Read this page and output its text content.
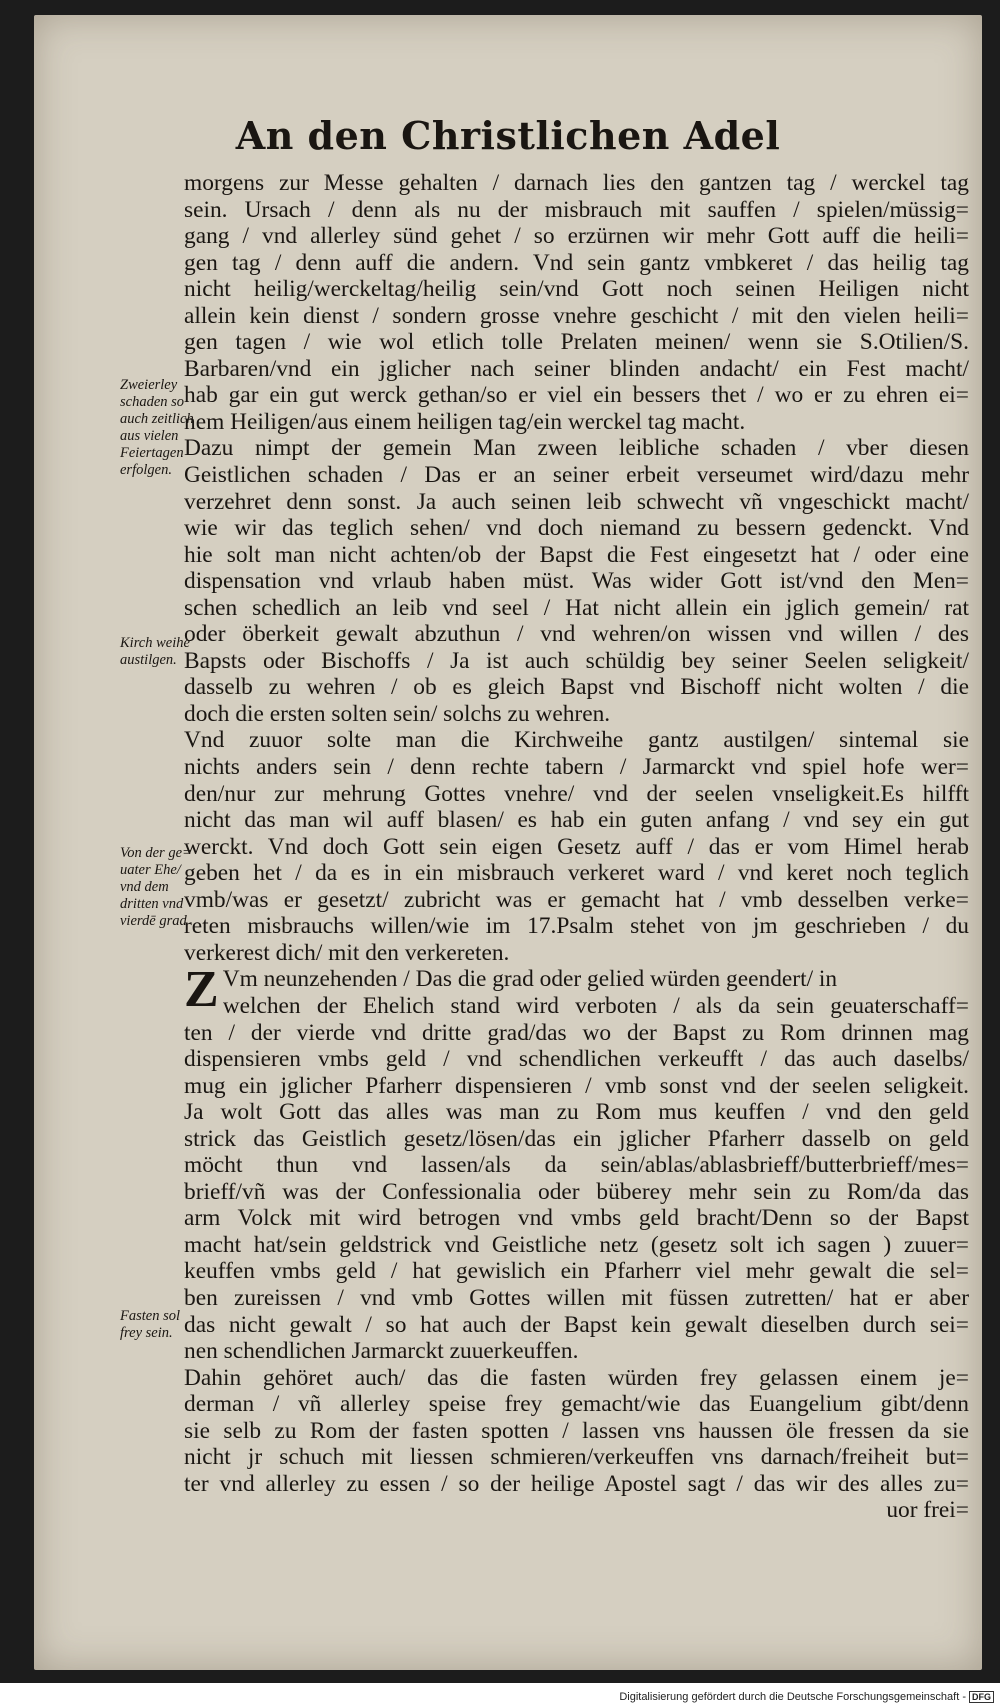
An den Christlichen Adel
Zweierley
schaden so
auch zeitlich
aus vielen
Feiertagen
erfolgen.
Kirch weihe
austilgen.
Von der ge=
uater Ehe/
vnd dem
dritten vnd
vierdē grad
Fasten sol
frey sein.
morgens zur Messe gehalten / darnach lies den gantzen tag / werckel tag
sein. Ursach / denn als nu der misbrauch mit sauffen / spielen/müssig=
gang / vnd allerley sünd gehet / so erzürnen wir mehr Gott auff die heili=
gen tag / denn auff die andern. Vnd sein gantz vmbkeret / das heilig tag
nicht heilig/werckeltag/heilig sein/vnd Gott noch seinen Heiligen nicht
allein kein dienst / sondern grosse vnehre geschicht / mit den vielen heili=
gen tagen / wie wol etlich tolle Prelaten meinen/ wenn sie S.Otilien/S.
Barbaren/vnd ein jglicher nach seiner blinden andacht/ ein Fest macht/
hab gar ein gut werck gethan/so er viel ein bessers thet / wo er zu ehren ei=
nem Heiligen/aus einem heiligen tag/ein werckel tag macht.
Dazu nimpt der gemein Man zween leibliche schaden / vber diesen
Geistlichen schaden / Das er an seiner erbeit verseumet wird/dazu mehr
verzehret denn sonst. Ja auch seinen leib schwecht vñ vngeschickt macht/
wie wir das teglich sehen/ vnd doch niemand zu bessern gedenckt. Vnd
hie solt man nicht achten/ob der Bapst die Fest eingesetzt hat / oder eine
dispensation vnd vrlaub haben müst. Was wider Gott ist/vnd den Men=
schen schedlich an leib vnd seel / Hat nicht allein ein jglich gemein/ rat
oder öberkeit gewalt abzuthun / vnd wehren/on wissen vnd willen / des
Bapsts oder Bischoffs / Ja ist auch schüldig bey seiner Seelen seligkeit/
dasselb zu wehren / ob es gleich Bapst vnd Bischoff nicht wolten / die
doch die ersten solten sein/ solchs zu wehren.
Vnd zuuor solte man die Kirchweihe gantz austilgen/ sintemal sie
nichts anders sein / denn rechte tabern / Jarmarckt vnd spiel hofe wer=
den/nur zur mehrung Gottes vnehre/ vnd der seelen vnseligkeit.Es hilfft
nicht das man wil auff blasen/ es hab ein guten anfang / vnd sey ein gut
werckt. Vnd doch Gott sein eigen Gesetz auff / das er vom Himel herab
geben het / da es in ein misbrauch verkeret ward / vnd keret noch teglich
vmb/was er gesetzt/ zubricht was er gemacht hat / vmb desselben verke=
reten misbrauchs willen/wie im 17.Psalm stehet von jm geschrieben / du
verkerest dich/ mit den verkereten.
Z Vm neunzehenden / Das die grad oder gelied würden geendert/ in
welchen der Ehelich stand wird verboten / als da sein geuaterschaff=
ten / der vierde vnd dritte grad/das wo der Bapst zu Rom drinnen mag
dispensieren vmbs geld / vnd schendlichen verkeufft / das auch daselbs/
mug ein jglicher Pfarherr dispensieren / vmb sonst vnd der seelen seligkeit.
Ja wolt Gott das alles was man zu Rom mus keuffen / vnd den geld
strick das Geistlich gesetz/lösen/das ein jglicher Pfarherr dasselb on geld
möcht thun vnd lassen/als da sein/ablas/ablasbrieff/butterbrieff/mes=
brieff/vñ was der Confessionalia oder büberey mehr sein zu Rom/da das
arm Volck mit wird betrogen vnd vmbs geld bracht/Denn so der Bapst
macht hat/sein geldstrick vnd Geistliche netz (gesetz solt ich sagen ) zuuer=
keuffen vmbs geld / hat gewislich ein Pfarherr viel mehr gewalt die sel=
ben zureissen / vnd vmb Gottes willen mit füssen zutretten/ hat er aber
das nicht gewalt / so hat auch der Bapst kein gewalt dieselben durch sei=
nen schendlichen Jarmarckt zuuerkeuffen.
Dahin gehöret auch/ das die fasten würden frey gelassen einem je=
derman / vñ allerley speise frey gemacht/wie das Euangelium gibt/denn
sie selb zu Rom der fasten spotten / lassen vns haussen öle fressen da sie
nicht jr schuch mit liessen schmieren/verkeuffen vns darnach/freiheit but=
ter vnd allerley zu essen / so der heilige Apostel sagt / das wir des alles zu=
uor frei=
Digitalisierung gefördert durch die Deutsche Forschungsgemeinschaft - DFG
